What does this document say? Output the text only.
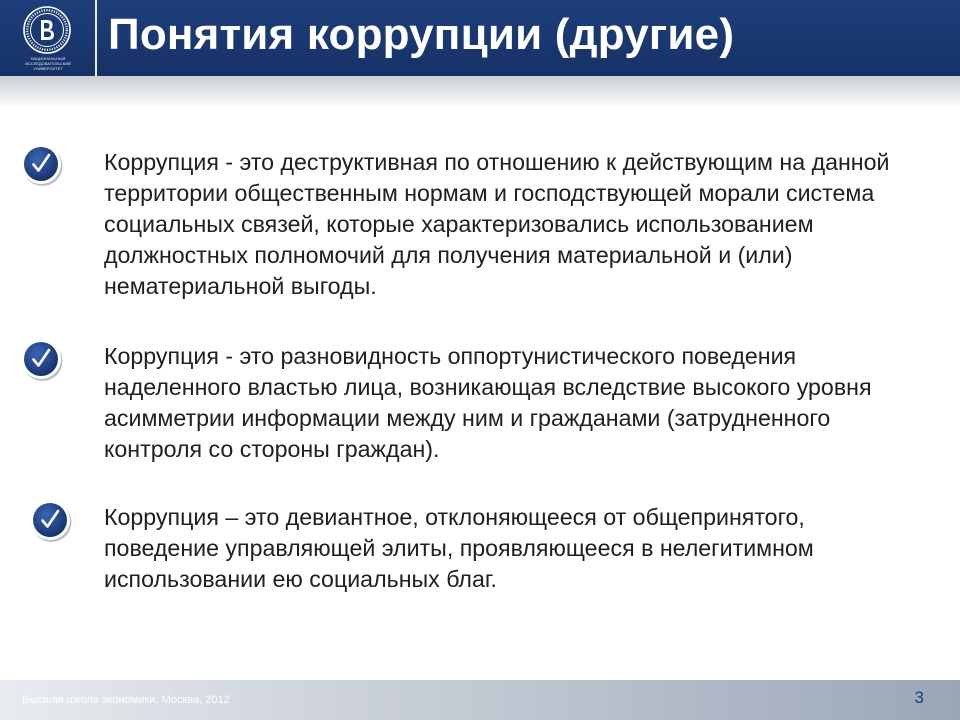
НАЦИОНАЛЬНЫЙ ИССЛЕДОВАТЕЛЬСКИЙ УНИВЕРСИТЕТ
Понятия коррупции (другие)
Коррупция - это деструктивная по отношению к действующим на данной территории общественным нормам и господствующей морали система социальных связей, которые характеризовались использованием должностных полномочий для получения материальной и (или) нематериальной выгоды.
Коррупция - это разновидность оппортунистического поведения наделенного властью лица, возникающая вследствие высокого уровня асимметрии информации между ним и гражданами (затрудненного контроля со стороны граждан).
Коррупция – это девиантное, отклоняющееся от общепринятого, поведение управляющей элиты, проявляющееся в нелегитимном использовании ею социальных благ.
Высшая школа экономики, Москва, 2012	3
